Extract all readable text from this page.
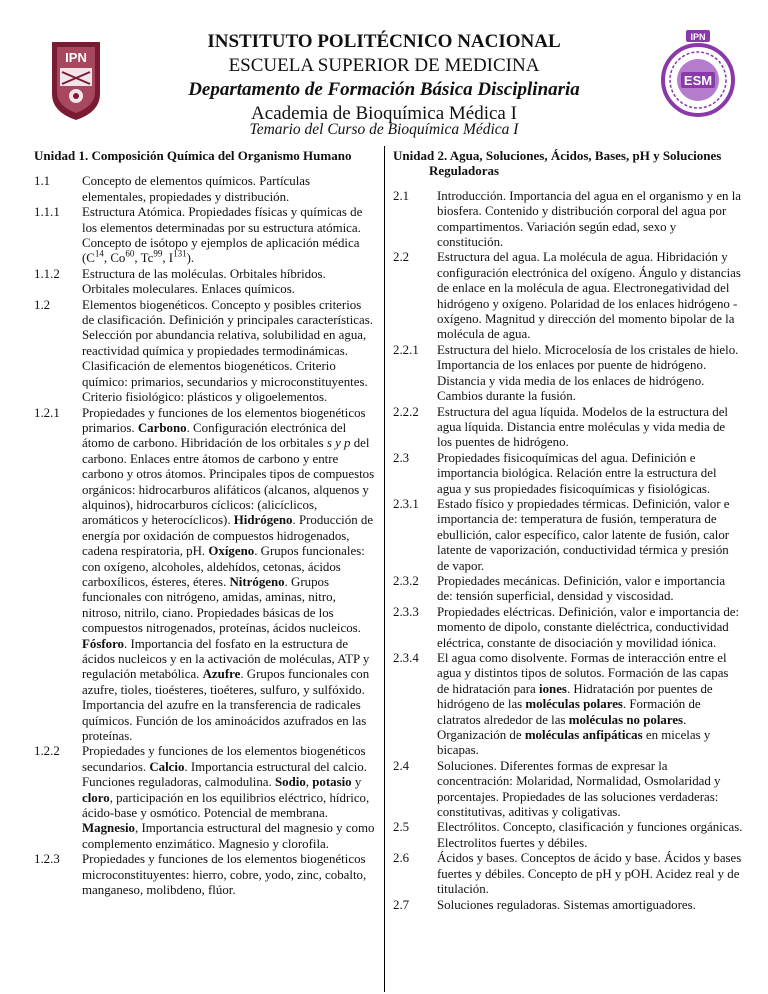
IPN
IPN
ESM
INSTITUTO POLITÉCNICO NACIONAL
ESCUELA SUPERIOR DE MEDICINA
Departamento de Formación Básica Disciplinaria
Academia de Bioquímica Médica I
Temario del Curso de Bioquímica Médica I
Unidad 1. Composición Química del Organismo Humano
1.1	Concepto de elementos químicos. Partículas elementales, propiedades y distribución.
1.1.1	Estructura Atómica. Propiedades físicas y químicas de los elementos determinadas por su estructura atómica. Concepto de isótopo y ejemplos de aplicación médica ($C^{14}$, Co$^{60}$, Tc$^{99}$, $I^{131}$).
1.1.2	Estructura de las moléculas. Orbitales híbridos. Orbitales moleculares. Enlaces químicos.
1.2	Elementos biogenéticos. Concepto y posibles criterios de clasificación. Definición y principales características. Selección por abundancia relativa, solubilidad en agua, reactividad química y propiedades termodinámicas. Clasificación de elementos biogenéticos. Criterio químico: primarios, secundarios y microconstituyentes. Criterio fisiológico: plásticos y oligoelementos.
1.2.1	Propiedades y funciones de los elementos biogenéticos primarios. Carbono. Configuración electrónica del átomo de carbono. Hibridación de los orbitales s y p del carbono. Enlaces entre átomos de carbono y entre carbono y otros átomos. Principales tipos de compuestos orgánicos: hidrocarburos alifáticos (alcanos, alquenos y alquinos), hidrocarburos cíclicos: (alicíclicos, aromáticos y heterocíclicos). Hidrógeno. Producción de energía por oxidación de compuestos hidrogenados, cadena respiratoria, pH. Oxígeno. Grupos funcionales: con oxígeno, alcoholes, aldehídos, cetonas, ácidos carboxílicos, ésteres, éteres. Nitrógeno. Grupos funcionales con nitrógeno, amidas, aminas, nitro, nitroso, nitrilo, ciano. Propiedades básicas de los compuestos nitrogenados, proteínas, ácidos nucleicos. Fósforo. Importancia del fosfato en la estructura de ácidos nucleicos y en la activación de moléculas, ATP y regulación metabólica. Azufre. Grupos funcionales con azufre, tioles, tioésteres, tioéteres, sulfuro, y sulfóxido. Importancia del azufre en la transferencia de radicales químicos. Función de los aminoácidos azufrados en las proteínas.
1.2.2	Propiedades y funciones de los elementos biogenéticos secundarios. Calcio. Importancia estructural del calcio. Funciones reguladoras, calmodulina. Sodio, potasio y cloro, participación en los equilibrios eléctrico, hídrico, ácido-base y osmótico. Potencial de membrana. Magnesio, Importancia estructural del magnesio y como complemento enzimático. Magnesio y clorofila.
1.2.3	Propiedades y funciones de los elementos biogenéticos microconstituyentes: hierro, cobre, yodo, zinc, cobalto, manganeso, molibdeno, flúor.
Unidad 2. Agua, Soluciones, Ácidos, Bases, pH y Soluciones Reguladoras
2.1	Introducción. Importancia del agua en el organismo y en la biosfera. Contenido y distribución corporal del agua por compartimentos. Variación según edad, sexo y constitución.
2.2	Estructura del agua. La molécula de agua. Hibridación y configuración electrónica del oxígeno. Ángulo y distancias de enlace en la molécula de agua. Electronegatividad del hidrógeno y oxígeno. Polaridad de los enlaces hidrógeno - oxígeno. Magnitud y dirección del momento bipolar de la molécula de agua.
2.2.1	Estructura del hielo. Microcelosía de los cristales de hielo. Importancia de los enlaces por puente de hidrógeno. Distancia y vida media de los enlaces de hidrógeno. Cambios durante la fusión.
2.2.2	Estructura del agua líquida. Modelos de la estructura del agua líquida. Distancia entre moléculas y vida media de los puentes de hidrógeno.
2.3	Propiedades fisicoquímicas del agua. Definición e importancia biológica. Relación entre la estructura del agua y sus propiedades fisicoquímicas y fisiológicas.
2.3.1	Estado físico y propiedades térmicas. Definición, valor e importancia de: temperatura de fusión, temperatura de ebullición, calor específico, calor latente de fusión, calor latente de vaporización, conductividad térmica y presión de vapor.
2.3.2	Propiedades mecánicas. Definición, valor e importancia de: tensión superficial, densidad y viscosidad.
2.3.3	Propiedades eléctricas. Definición, valor e importancia de: momento de dipolo, constante dieléctrica, conductividad eléctrica, constante de disociación y movilidad iónica.
2.3.4	El agua como disolvente. Formas de interacción entre el agua y distintos tipos de solutos. Formación de las capas de hidratación para iones. Hidratación por puentes de hidrógeno de las moléculas polares. Formación de clatratos alrededor de las moléculas no polares. Organización de moléculas anfipáticas en micelas y bicapas.
2.4	Soluciones. Diferentes formas de expresar la concentración: Molaridad, Normalidad, Osmolaridad y porcentajes. Propiedades de las soluciones verdaderas: constitutivas, aditivas y coligativas.
2.5	Electrólitos. Concepto, clasificación y funciones orgánicas. Electrolitos fuertes y débiles.
2.6	Ácidos y bases. Conceptos de ácido y base. Ácidos y bases fuertes y débiles. Concepto de pH y pOH. Acidez real y de titulación.
2.7	Soluciones reguladoras. Sistemas amortiguadores.
